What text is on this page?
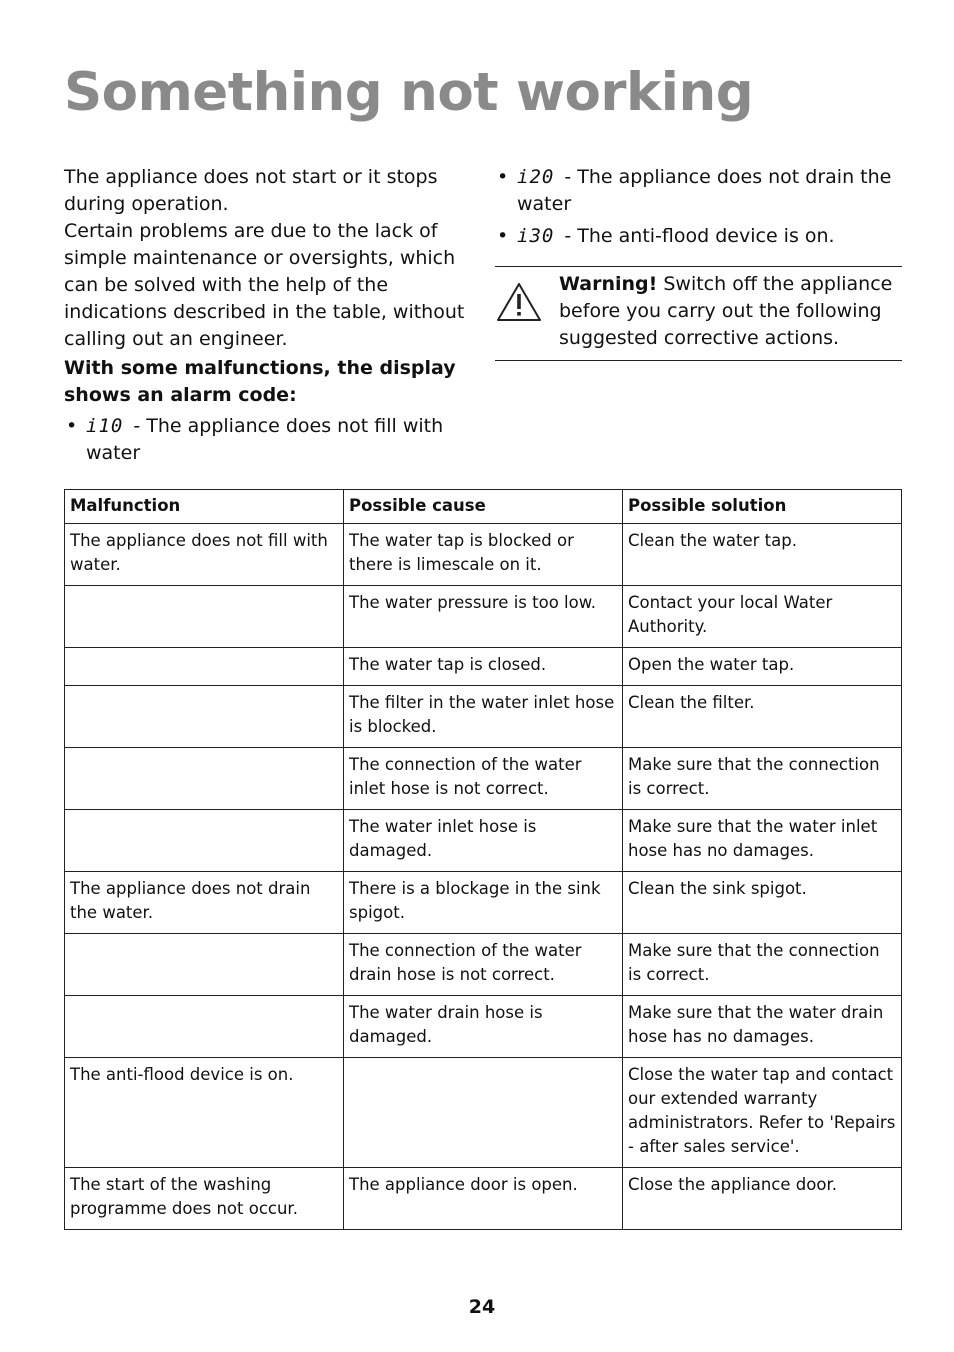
Something not working

The appliance does not start or it stops during operation.

Certain problems are due to the lack of simple maintenance or oversights, which can be solved with the help of the indications described in the table, without calling out an engineer.

With some malfunctions, the display shows an alarm code:

• i10 - The appliance does not fill with water
• i20 - The appliance does not drain the water
• i30 - The anti-flood device is on.
Warning! Switch off the appliance before you carry out the following suggested corrective actions.
Malfunction	Possible cause	Possible solution
The appliance does not fill with water.	The water tap is blocked or there is limescale on it.	Clean the water tap.
	The water pressure is too low.	Contact your local Water Authority.
	The water tap is closed.	Open the water tap.
	The filter in the water inlet hose is blocked.	Clean the filter.
	The connection of the water inlet hose is not correct.	Make sure that the connection is correct.
	The water inlet hose is damaged.	Make sure that the water inlet hose has no damages.
The appliance does not drain the water.	There is a blockage in the sink spigot.	Clean the sink spigot.
	The connection of the water drain hose is not correct.	Make sure that the connection is correct.
	The water drain hose is damaged.	Make sure that the water drain hose has no damages.
The anti-flood device is on.		Close the water tap and contact our extended warranty administrators. Refer to 'Repairs - after sales service'.
The start of the washing programme does not occur.	The appliance door is open.	Close the appliance door.
24
